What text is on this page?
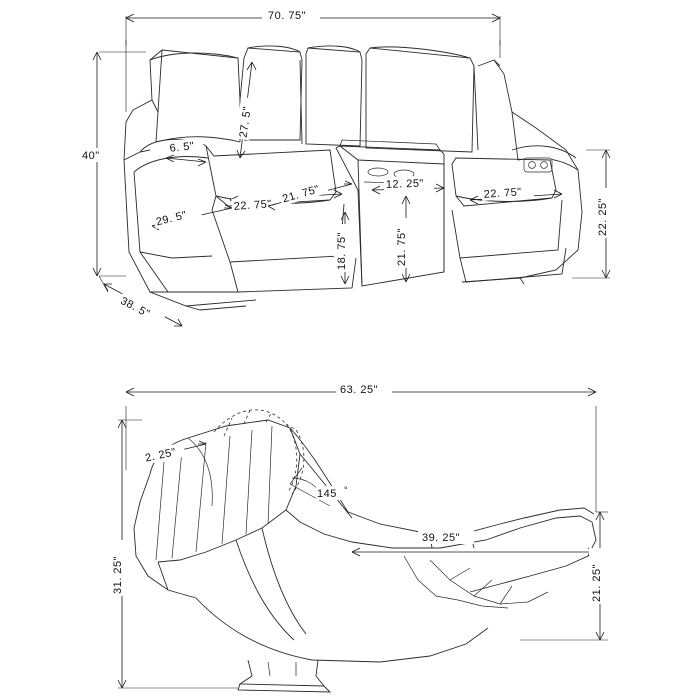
70. 75"
40"
27. 5"
6. 5"
22. 75"
21. 75"
29. 5"
12. 25"
21. 75"
18. 75"
22. 75"
22. 25"
38. 5"
63. 25"
2. 25"
145 °
39. 25"
31. 25"	21. 25"
